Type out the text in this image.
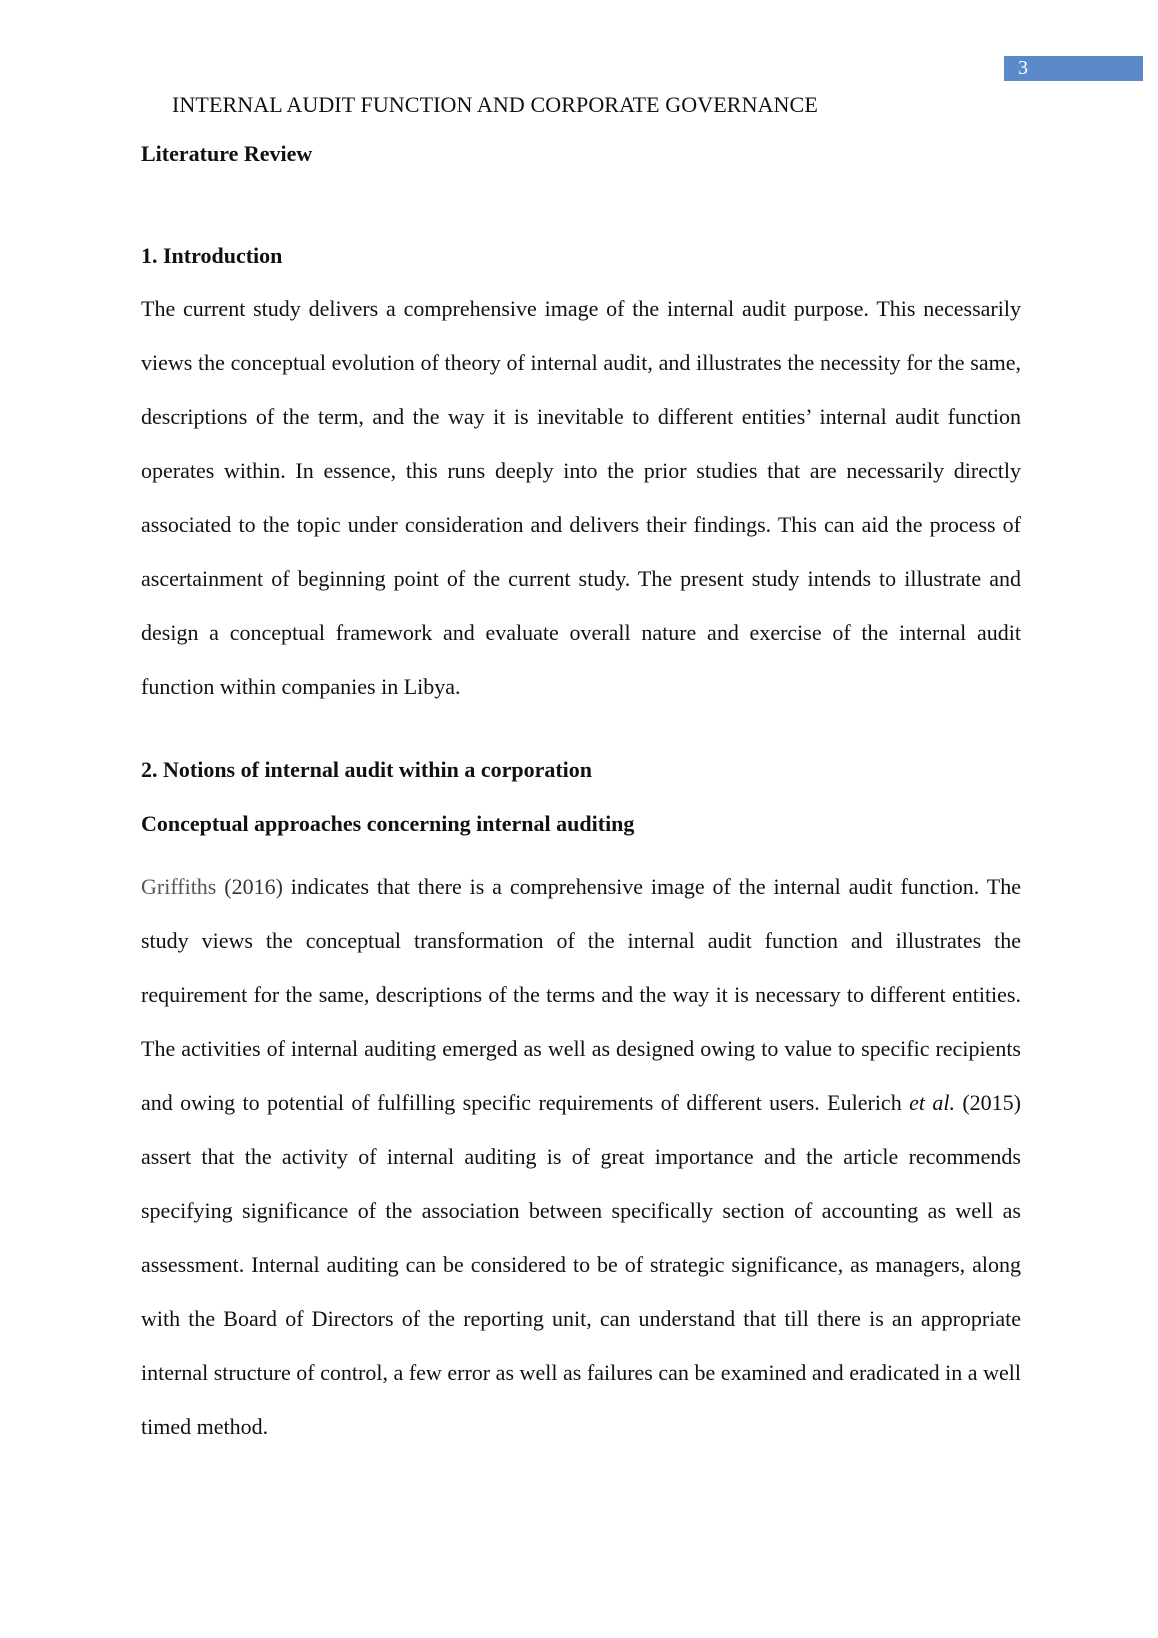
3
INTERNAL AUDIT FUNCTION AND CORPORATE GOVERNANCE

Literature Review

1. Introduction

The current study delivers a comprehensive image of the internal audit purpose. This necessarily views the conceptual evolution of theory of internal audit, and illustrates the necessity for the same, descriptions of the term, and the way it is inevitable to different entities’ internal audit function operates within. In essence, this runs deeply into the prior studies that are necessarily directly associated to the topic under consideration and delivers their findings. This can aid the process of ascertainment of beginning point of the current study. The present study intends to illustrate and design a conceptual framework and evaluate overall nature and exercise of the internal audit function within companies in Libya.

2. Notions of internal audit within a corporation

Conceptual approaches concerning internal auditing

Griffiths (2016) indicates that there is a comprehensive image of the internal audit function. The study views the conceptual transformation of the internal audit function and illustrates the requirement for the same, descriptions of the terms and the way it is necessary to different entities. The activities of internal auditing emerged as well as designed owing to value to specific recipients and owing to potential of fulfilling specific requirements of different users. Eulerich et al. (2015) assert that the activity of internal auditing is of great importance and the article recommends specifying significance of the association between specifically section of accounting as well as assessment. Internal auditing can be considered to be of strategic significance, as managers, along with the Board of Directors of the reporting unit, can understand that till there is an appropriate internal structure of control, a few error as well as failures can be examined and eradicated in a well timed method.
